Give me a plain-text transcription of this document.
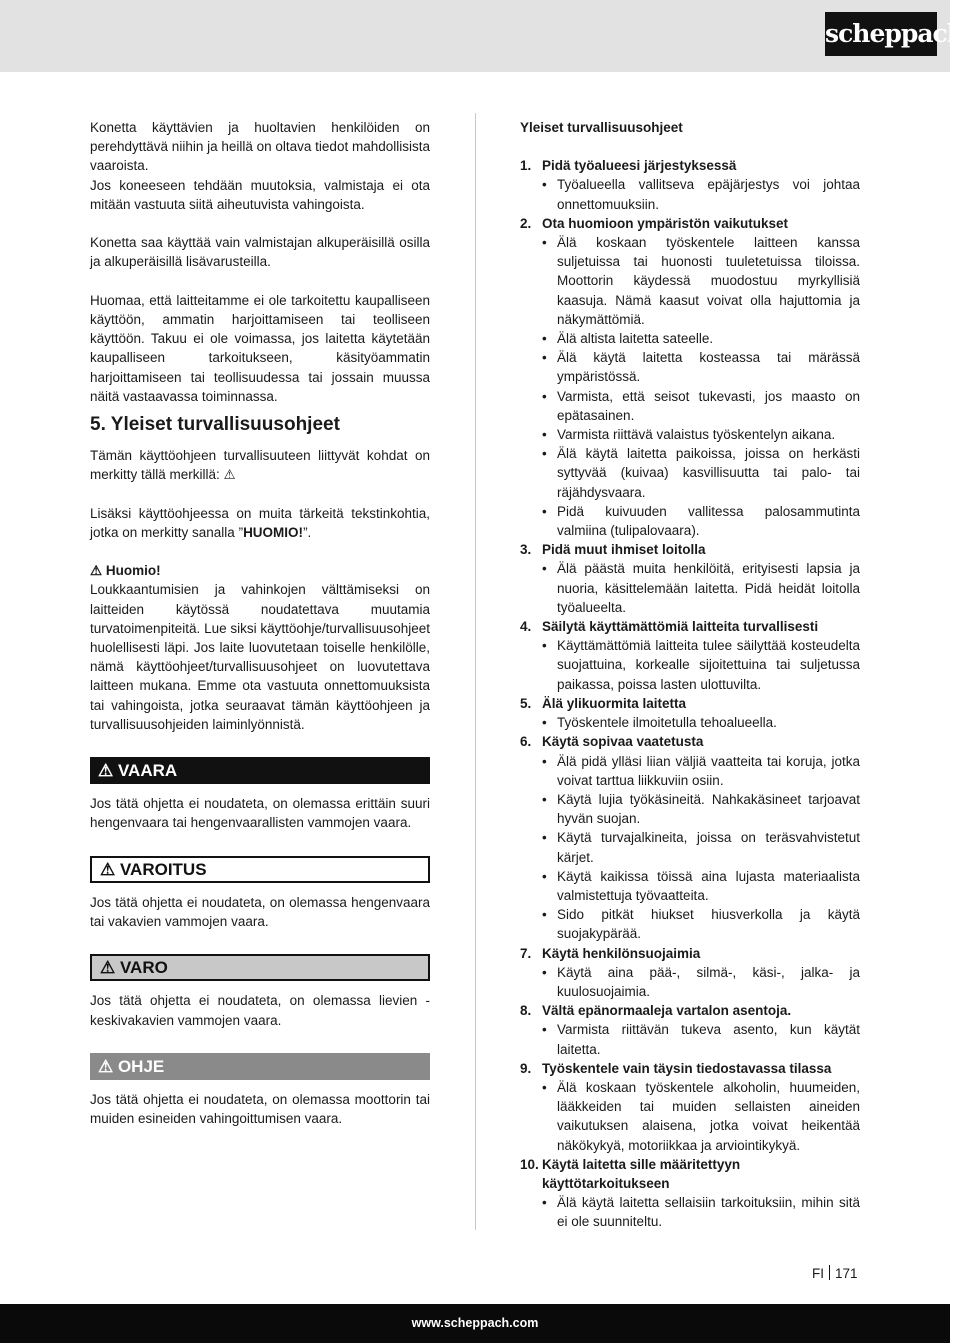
scheppach
Konetta käyttävien ja huoltavien henkilöiden on perehdyttävä niihin ja heillä on oltava tiedot mahdollisista vaaroista.
Jos koneeseen tehdään muutoksia, valmistaja ei ota mitään vastuuta siitä aiheutuvista vahingoista.
Konetta saa käyttää vain valmistajan alkuperäisillä osilla ja alkuperäisillä lisävarusteilla.
Huomaa, että laitteitamme ei ole tarkoitettu kaupalliseen käyttöön, ammatin harjoittamiseen tai teolliseen käyttöön. Takuu ei ole voimassa, jos laitetta käytetään kaupalliseen tarkoitukseen, käsityöammatin harjoittamiseen tai teollisuudessa tai jossain muussa näitä vastaavassa toiminnassa.
5. Yleiset turvallisuusohjeet
Tämän käyttöohjeen turvallisuuteen liittyvät kohdat on merkitty tällä merkillä: ⚠
Lisäksi käyttöohjeessa on muita tärkeitä tekstinkohtia, jotka on merkitty sanalla ”HUOMIO!”.
⚠ Huomio!
Loukkaantumisien ja vahinkojen välttämiseksi on laitteiden käytössä noudatettava muutamia turvatoimenpiteitä. Lue siksi käyttöohje/turvallisuusohjeet huolellisesti läpi. Jos laite luovutetaan toiselle henkilölle, nämä käyttöohjeet/turvallisuusohjeet on luovutettava laitteen mukana. Emme ota vastuuta onnettomuuksista tai vahingoista, jotka seuraavat tämän käyttöohjeen ja turvallisuusohjeiden laiminlyönnistä.
⚠ VAARA
Jos tätä ohjetta ei noudateta, on olemassa erittäin suuri hengenvaara tai hengenvaarallisten vammojen vaara.
⚠ VAROITUS
Jos tätä ohjetta ei noudateta, on olemassa hengenvaara tai vakavien vammojen vaara.
⚠ VARO
Jos tätä ohjetta ei noudateta, on olemassa lievien - keskivakavien vammojen vaara.
⚠ OHJE
Jos tätä ohjetta ei noudateta, on olemassa moottorin tai muiden esineiden vahingoittumisen vaara.
Yleiset turvallisuusohjeet
1. Pidä työalueesi järjestyksessä
• Työalueella vallitseva epäjärjestys voi johtaa onnettomuuksiin.
2. Ota huomioon ympäristön vaikutukset
• Älä koskaan työskentele laitteen kanssa suljetuissa tai huonosti tuuletetuissa tiloissa. Moottorin käydessä muodostuu myrkyllisiä kaasuja. Nämä kaasut voivat olla hajuttomia ja näkymättömiä.
• Älä altista laitetta sateelle.
• Älä käytä laitetta kosteassa tai märässä ympäristössä.
• Varmista, että seisot tukevasti, jos maasto on epätasainen.
• Varmista riittävä valaistus työskentelyn aikana.
• Älä käytä laitetta paikoissa, joissa on herkästi syttyvää (kuivaa) kasvillisuutta tai palo- tai räjähdysvaara.
• Pidä kuivuuden vallitessa palosammutinta valmiina (tulipalovaara).
3. Pidä muut ihmiset loitolla
• Älä päästä muita henkilöitä, erityisesti lapsia ja nuoria, käsittelemään laitetta. Pidä heidät loitolla työalueelta.
4. Säilytä käyttämättömiä laitteita turvallisesti
• Käyttämättömiä laitteita tulee säilyttää kosteudelta suojattuina, korkealle sijoitettuina tai suljetussa paikassa, poissa lasten ulottuvilta.
5. Älä ylikuormita laitetta
• Työskentele ilmoitetulla tehoalueella.
6. Käytä sopivaa vaatetusta
• Älä pidä ylläsi liian väljiä vaatteita tai koruja, jotka voivat tarttua liikkuviin osiin.
• Käytä lujia työkäsineitä. Nahkakäsineet tarjoavat hyvän suojan.
• Käytä turvajalkineita, joissa on teräsvahvistetut kärjet.
• Käytä kaikissa töissä aina lujasta materiaalista valmistettuja työvaatteita.
• Sido pitkät hiukset hiusverkolla ja käytä suojakypärää.
7. Käytä henkilönsuojaimia
• Käytä aina pää-, silmä-, käsi-, jalka- ja kuulosuojaimia.
8. Vältä epänormaaleja vartalon asentoja.
• Varmista riittävän tukeva asento, kun käytät laitetta.
9. Työskentele vain täysin tiedostavassa tilassa
• Älä koskaan työskentele alkoholin, huumeiden, lääkkeiden tai muiden sellaisten aineiden vaikutuksen alaisena, jotka voivat heikentää näkökykyä, motoriikkaa ja arviointikykyä.
10. Käytä laitetta sille määritettyyn käyttötarkoitukseen
• Älä käytä laitetta sellaisiin tarkoituksiin, mihin sitä ei ole suunniteltu.
FI 171
www.scheppach.com
